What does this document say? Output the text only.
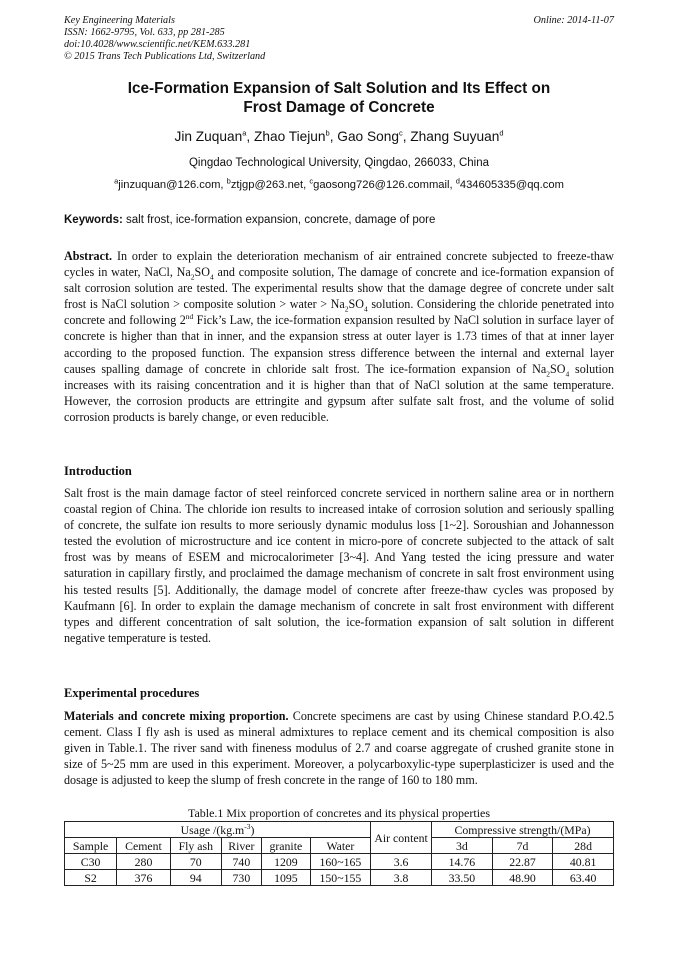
Key Engineering Materials
ISSN: 1662-9795, Vol. 633, pp 281-285
doi:10.4028/www.scientific.net/KEM.633.281
© 2015 Trans Tech Publications Ltd, Switzerland
Online: 2014-11-07
Ice-Formation Expansion of Salt Solution and Its Effect on
Frost Damage of Concrete
Jin Zuquan$^a$, Zhao Tiejun$^b$, Gao Song$^c$, Zhang Suyuan$^d$
Qingdao Technological University, Qingdao, 266033, China
$^a$jinzuquan@126.com, $^b$ztjgp@263.net, $^c$gaosong726@126.commail, $^d$434605335@qq.com
Keywords: salt frost, ice-formation expansion, concrete, damage of pore
Abstract. In order to explain the deterioration mechanism of air entrained concrete subjected to freeze-thaw cycles in water, NaCl, $Na_2SO_4$ and composite solution, The damage of concrete and ice-formation expansion of salt corrosion solution are tested. The experimental results show that the damage degree of concrete under salt frost is NaCl solution > composite solution > water > $Na_2SO_4$ solution. Considering the chloride penetrated into concrete and following 2nd Fick’s Law, the ice-formation expansion resulted by NaCl solution in surface layer of concrete is higher than that in inner, and the expansion stress at outer layer is 1.73 times of that at inner layer according to the proposed function. The expansion stress difference between the internal and external layer causes spalling damage of concrete in chloride salt frost. The ice-formation expansion of $Na_2SO_4$ solution increases with its raising concentration and it is higher than that of NaCl solution at the same temperature. However, the corrosion products are ettringite and gypsum after sulfate salt frost, and the volume of solid corrosion products is barely change, or even reducible.
Introduction
Salt frost is the main damage factor of steel reinforced concrete serviced in northern saline area or in northern coastal region of China. The chloride ion results to increased intake of corrosion solution and seriously spalling of concrete, the sulfate ion results to more seriously dynamic modulus loss [1~2]. Soroushian and Johannesson tested the evolution of microstructure and ice content in micro-pore of concrete subjected to the attack of salt frost was by means of ESEM and microcalorimeter [3~4]. And Yang tested the icing pressure and water saturation in capillary firstly, and proclaimed the damage mechanism of concrete in salt frost environment using his tested results [5]. Additionally, the damage model of concrete after freeze-thaw cycles was proposed by Kaufmann [6]. In order to explain the damage mechanism of concrete in salt frost environment with different types and different concentration of salt solution, the ice-formation expansion of salt solution in different negative temperature is tested.
Experimental procedures
Materials and concrete mixing proportion. Concrete specimens are cast by using Chinese standard P.O.42.5 cement. Class I fly ash is used as mineral admixtures to replace cement and its chemical composition is also given in Table.1. The river sand with fineness modulus of 2.7 and coarse aggregate of crushed granite stone in size of 5~25 mm are used in this experiment. Moreover, a polycarboxylic-type superplasticizer is used and the dosage is adjusted to keep the slump of fresh concrete in the range of 160 to 180 mm.
Table.1 Mix proportion of concretes and its physical properties
Usage $/(kg.m^{-3})$						Air content	Compressive strength/(MPa)		

Sample	Cement	Fly ash	River	granite	Water		3d	7d	28d
C30	280	70	740	1209	160~165	3.6	14.76	22.87	40.81
S2	376	94	730	1095	150~155	3.8	33.50	48.90	63.40
